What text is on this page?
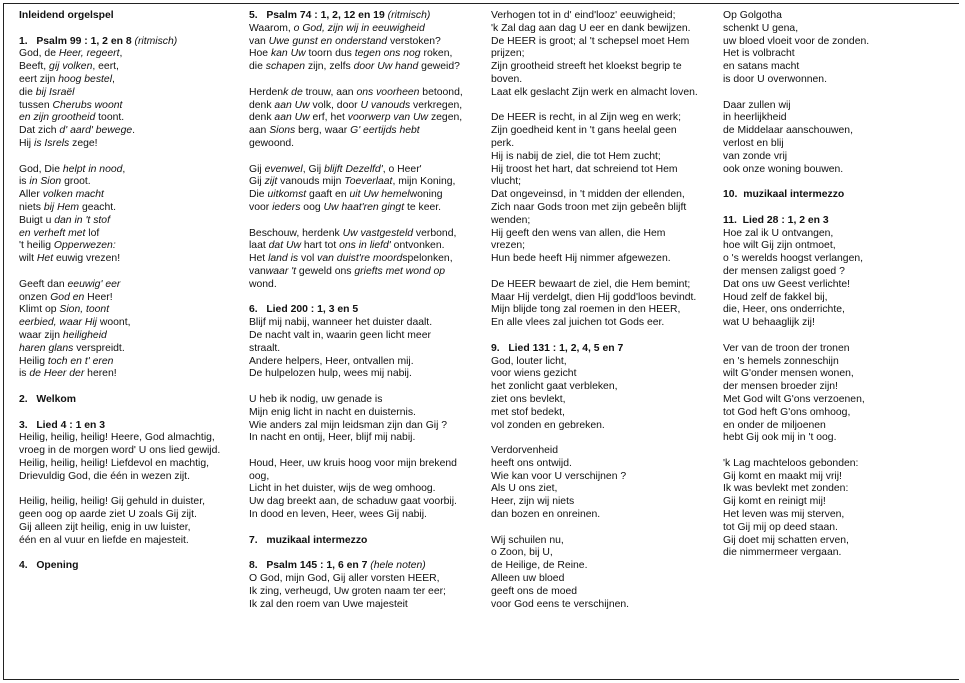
Inleidend orgelspel
1.   Psalm 99 : 1, 2 en 8 (ritmisch)
God, de Heer, regeert,
Beeft, gij volken, eert,
eert zijn hoog bestel,
die bij Israël
tussen Cherubs woont
en zijn grootheid toont.
Dat zich d' aard' bewege.
Hij is Isrels zege!
God, Die helpt in nood,
is in Sion groot.
Aller volken macht
niets bij Hem geacht.
Buigt u dan in 't stof
en verheft met lof
't heilig Opperwezen:
wilt Het euwig vrezen!
Geeft dan eeuwig' eer
onzen God en Heer!
Klimt op Sion, toont
eerbied, waar Hij woont,
waar zijn heiligheid
haren glans verspreidt.
Heilig toch en t' eren
is de Heer der heren!
2.   Welkom
3.   Lied 4 : 1 en 3
Heilig, heilig, heilig! Heere, God almachtig,
vroeg in de morgen word' U ons lied gewijd.
Heilig, heilig, heilig! Liefdevol en machtig,
Drievuldig God, die één in wezen zijt.
Heilig, heilig, heilig! Gij gehuld in duister,
geen oog op aarde ziet U zoals Gij zijt.
Gij alleen zijt heilig, enig in uw luister,
één en al vuur en liefde en majesteit.
4.   Opening
5.   Psalm 74 : 1, 2, 12 en 19 (ritmisch)
Waarom, o God, zijn wij in eeuwigheid
van Uwe gunst en onderstand verstoken?
Hoe kan Uw toorn dus tegen ons nog roken,
die schapen zijn, zelfs door Uw hand geweid?
Herdenk de trouw, aan ons voorheen betoond,
denk aan Uw volk, door U vanouds verkregen,
denk aan Uw erf, het voorwerp van Uw zegen,
aan Sions berg, waar G' eertijds hebt
gewoond.
Gij evenwel, Gij blijft Dezelfd', o Heer'
Gij zijt vanouds mijn Toeverlaat, mijn Koning,
Die uitkomst gaaft en uit Uw hemelwoning
voor ieders oog Uw haat'ren gingt te keer.
Beschouw, herdenk Uw vastgesteld verbond,
laat dat Uw hart tot ons in liefd' ontvonken.
Het land is vol van duist're moordspelonken,
vanwaar 't geweld ons griefts met wond op
wond.
6.   Lied 200 : 1, 3 en 5
Blijf mij nabij, wanneer het duister daalt.
De nacht valt in, waarin geen licht meer
straalt.
Andere helpers, Heer, ontvallen mij.
De hulpelozen hulp, wees mij nabij.
U heb ik nodig, uw genade is
Mijn enig licht in nacht en duisternis.
Wie anders zal mijn leidsman zijn dan Gij ?
In nacht en ontij, Heer, blijf mij nabij.
Houd, Heer, uw kruis hoog voor mijn brekend
oog,
Licht in het duister, wijs de weg omhoog.
Uw dag breekt aan, de schaduw gaat voorbij.
In dood en leven, Heer, wees Gij nabij.
7.   muzikaal intermezzo
8.   Psalm 145 : 1, 6 en 7 (hele noten)
O God, mijn God, Gij aller vorsten HEER,
Ik zing, verheugd, Uw groten naam ter eer;
Ik zal den roem van Uwe majesteit
Verhogen tot in d' eind'looz' eeuwigheid;
'k Zal dag aan dag U eer en dank bewijzen.
De HEER is groot; al 't schepsel moet Hem
prijzen;
Zijn grootheid streeft het kloekst begrip te
boven.
Laat elk geslacht Zijn werk en almacht loven.
De HEER is recht, in al Zijn weg en werk;
Zijn goedheid kent in 't gans heelal geen
perk.
Hij is nabij de ziel, die tot Hem zucht;
Hij troost het hart, dat schreiend tot Hem
vlucht;
Dat ongeveinsd, in 't midden der ellenden,
Zich naar Gods troon met zijn gebeên blijft
wenden;
Hij geeft den wens van allen, die Hem
vrezen;
Hun bede heeft Hij nimmer afgewezen.
De HEER bewaart de ziel, die Hem bemint;
Maar Hij verdelgt, dien Hij godd'loos bevindt.
Mijn blijde tong zal roemen in den HEER,
En alle vlees zal juichen tot Gods eer.
9.   Lied 131 : 1, 2, 4, 5 en 7
God, louter licht,
voor wiens gezicht
het zonlicht gaat verbleken,
ziet ons bevlekt,
met stof bedekt,
vol zonden en gebreken.
Verdorvenheid
heeft ons ontwijd.
Wie kan voor U verschijnen ?
Als U ons ziet,
Heer, zijn wij niets
dan bozen en onreinen.
Wij schuilen nu,
o Zoon, bij U,
de Heilige, de Reine.
Alleen uw bloed
geeft ons de moed
voor God eens te verschijnen.
Op Golgotha
schenkt U gena,
uw bloed vloeit voor de zonden.
Het is volbracht
en satans macht
is door U overwonnen.
Daar zullen wij
in heerlijkheid
de Middelaar aanschouwen,
verlost en blij
van zonde vrij
ook onze woning bouwen.
10.  muzikaal intermezzo
11.  Lied 28 : 1, 2 en 3
Hoe zal ik U ontvangen,
hoe wilt Gij zijn ontmoet,
o 's werelds hoogst verlangen,
der mensen zaligst goed ?
Dat ons uw Geest verlichte!
Houd zelf de fakkel bij,
die, Heer, ons onderrichte,
wat U behaaglijk zij!
Ver van de troon der tronen
en 's hemels zonneschijn
wilt G'onder mensen wonen,
der mensen broeder zijn!
Met God wilt G'ons verzoenen,
tot God heft G'ons omhoog,
en onder de miljoenen
hebt Gij ook mij in 't oog.
'k Lag machteloos gebonden:
Gij komt en maakt mij vrij!
Ik was bevlekt met zonden:
Gij komt en reinigt mij!
Het leven was mij sterven,
tot Gij mij op deed staan.
Gij doet mij schatten erven,
die nimmermeer vergaan.
